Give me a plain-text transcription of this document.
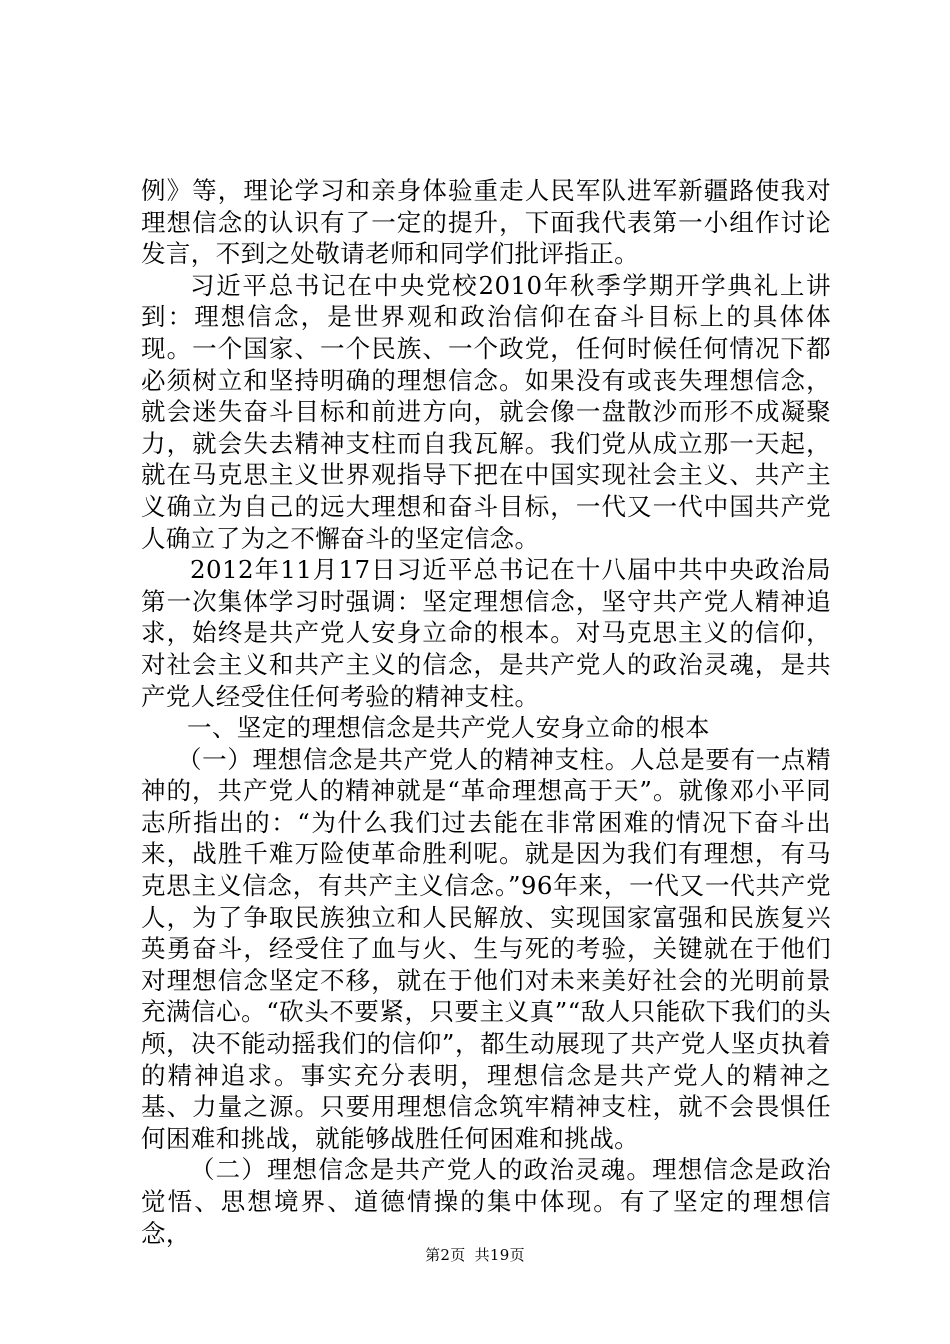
例》等，理论学习和亲身体验重走人民军队进军新疆路使我对理想信念的认识有了一定的提升，下面我代表第一小组作讨论发言，不到之处敬请老师和同学们批评指正。

习近平总书记在中央党校2010年秋季学期开学典礼上讲到：理想信念，是世界观和政治信仰在奋斗目标上的具体体现。一个国家、一个民族、一个政党，任何时候任何情况下都必须树立和坚持明确的理想信念。如果没有或丧失理想信念，就会迷失奋斗目标和前进方向，就会像一盘散沙而形不成凝聚力，就会失去精神支柱而自我瓦解。我们党从成立那一天起，就在马克思主义世界观指导下把在中国实现社会主义、共产主义确立为自己的远大理想和奋斗目标，一代又一代中国共产党人确立了为之不懈奋斗的坚定信念。

2012年11月17日习近平总书记在十八届中共中央政治局第一次集体学习时强调：坚定理想信念，坚守共产党人精神追求，始终是共产党人安身立命的根本。对马克思主义的信仰，对社会主义和共产主义的信念，是共产党人的政治灵魂，是共产党人经受住任何考验的精神支柱。

一、坚定的理想信念是共产党人安身立命的根本

（一）理想信念是共产党人的精神支柱。人总是要有一点精神的，共产党人的精神就是“革命理想高于天”。就像邓小平同志所指出的：“为什么我们过去能在非常困难的情况下奋斗出来，战胜千难万险使革命胜利呢。就是因为我们有理想，有马克思主义信念，有共产主义信念。”96年来，一代又一代共产党人，为了争取民族独立和人民解放、实现国家富强和民族复兴英勇奋斗，经受住了血与火、生与死的考验，关键就在于他们对理想信念坚定不移，就在于他们对未来美好社会的光明前景充满信心。“砍头不要紧，只要主义真”“敌人只能砍下我们的头颅，决不能动摇我们的信仰”，都生动展现了共产党人坚贞执着的精神追求。事实充分表明，理想信念是共产党人的精神之基、力量之源。只要用理想信念筑牢精神支柱，就不会畏惧任何困难和挑战，就能够战胜任何困难和挑战。

（二）理想信念是共产党人的政治灵魂。理想信念是政治觉悟、思想境界、道德情操的集中体现。有了坚定的理想信念，

第2页 共19页
